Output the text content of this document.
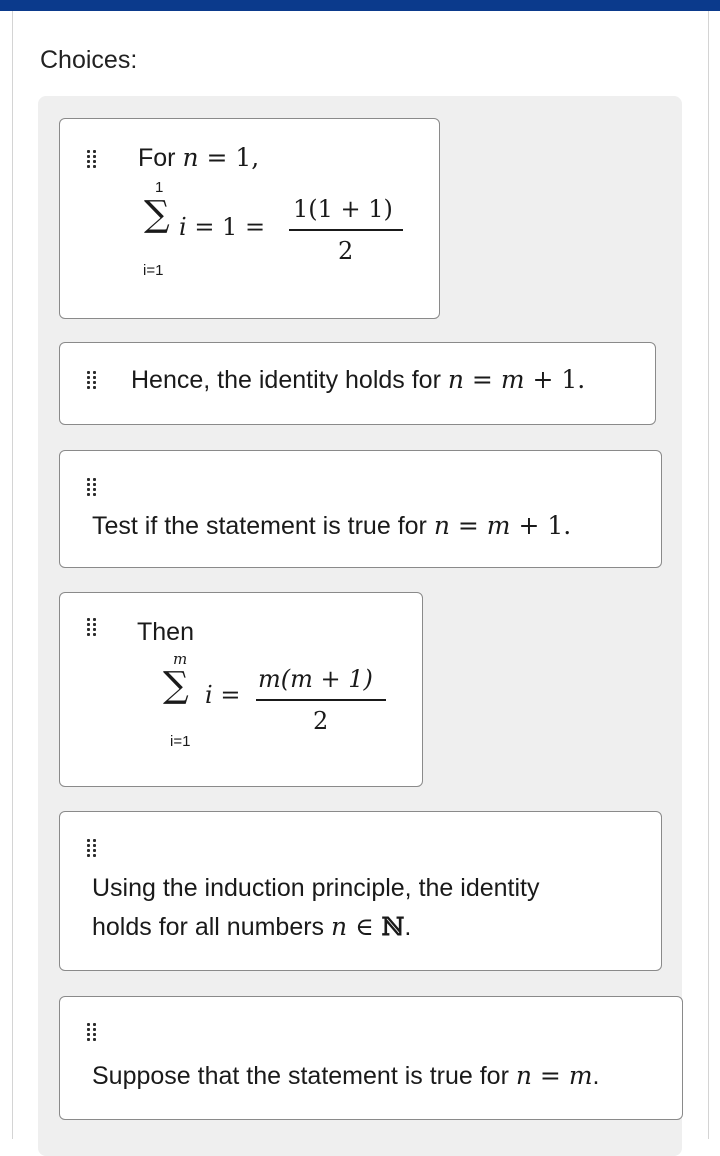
Choices:
For n = 1,
1
∑
i=1
i = 1 =
1(1 + 1)
2
Hence, the identity holds for n = m + 1.
Test if the statement is true for n = m + 1.
Then
m
∑
i=1
i =
m(m + 1)
2
Using the induction principle, the identity
holds for all numbers n ∈ ℕ.
Suppose that the statement is true for n = m.
